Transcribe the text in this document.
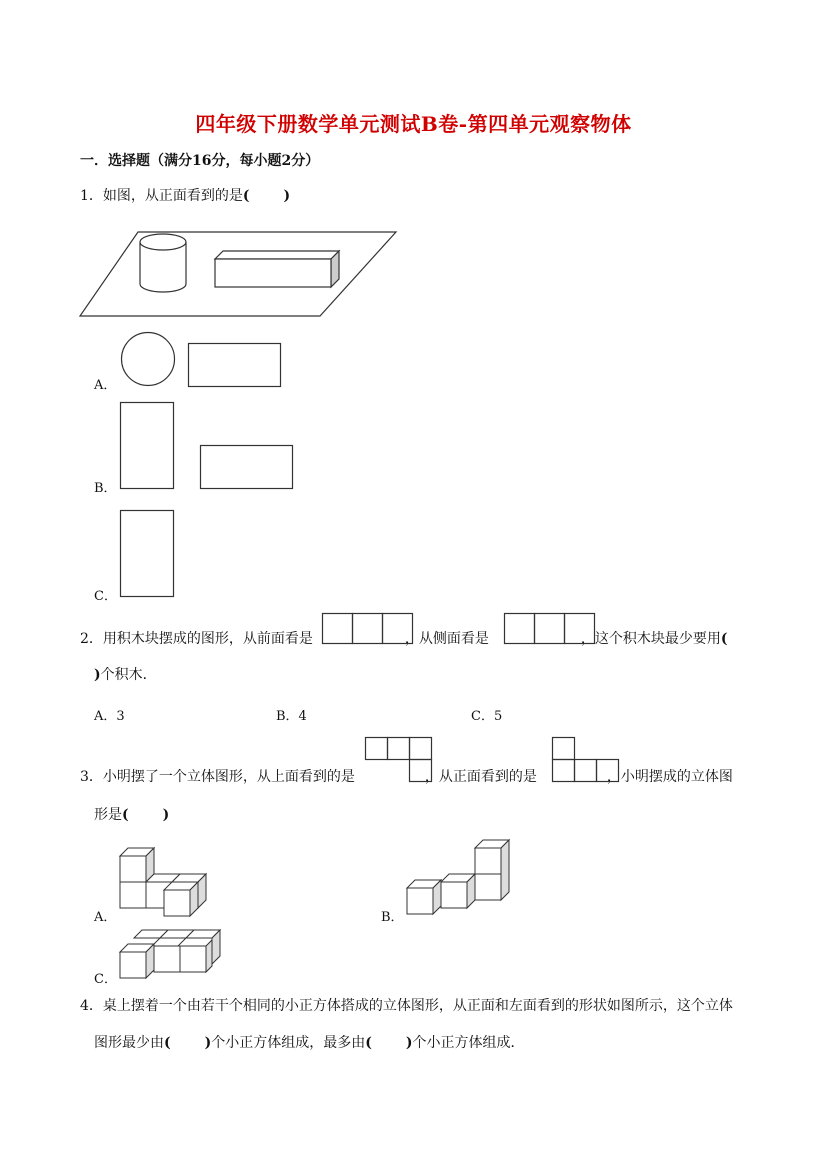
四年级下册数学单元测试B卷-第四单元观察物体
一．选择题（满分16分，每小题2分）
1．如图，从正面看到的是( )
A．
B．
C．
2．用积木块摆成的图形，从前面看是	，从侧面看是	，这个积木块最少要用(
)个积木．
A．3	B．4	C．5
3．小明摆了一个立体图形，从上面看到的是	，从正面看到的是	，小明摆成的立体图
形是( )
A．	B．
C．
4．桌上摆着一个由若干个相同的小正方体搭成的立体图形，从正面和左面看到的形状如图所示，这个立体
图形最少由( )个小正方体组成，最多由( )个小正方体组成．
